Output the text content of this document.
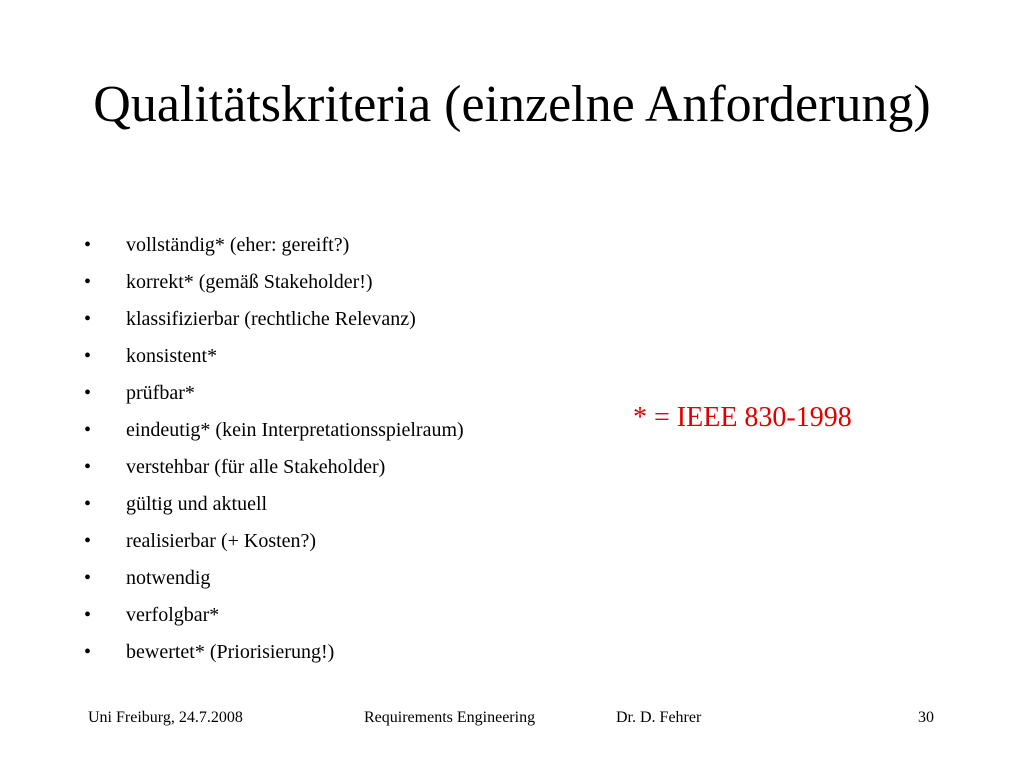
Qualitätskriteria (einzelne Anforderung)
•	vollständig* (eher: gereift?)
•	korrekt* (gemäß Stakeholder!)
•	klassifizierbar (rechtliche Relevanz)
•	konsistent*
•	prüfbar*
•	eindeutig* (kein Interpretationsspielraum)
•	verstehbar (für alle Stakeholder)
•	gültig und aktuell
•	realisierbar (+ Kosten?)
•	notwendig
•	verfolgbar*
•	bewertet* (Priorisierung!)
* = IEEE 830-1998
Uni Freiburg, 24.7.2008	Requirements Engineering	Dr. D. Fehrer	30
